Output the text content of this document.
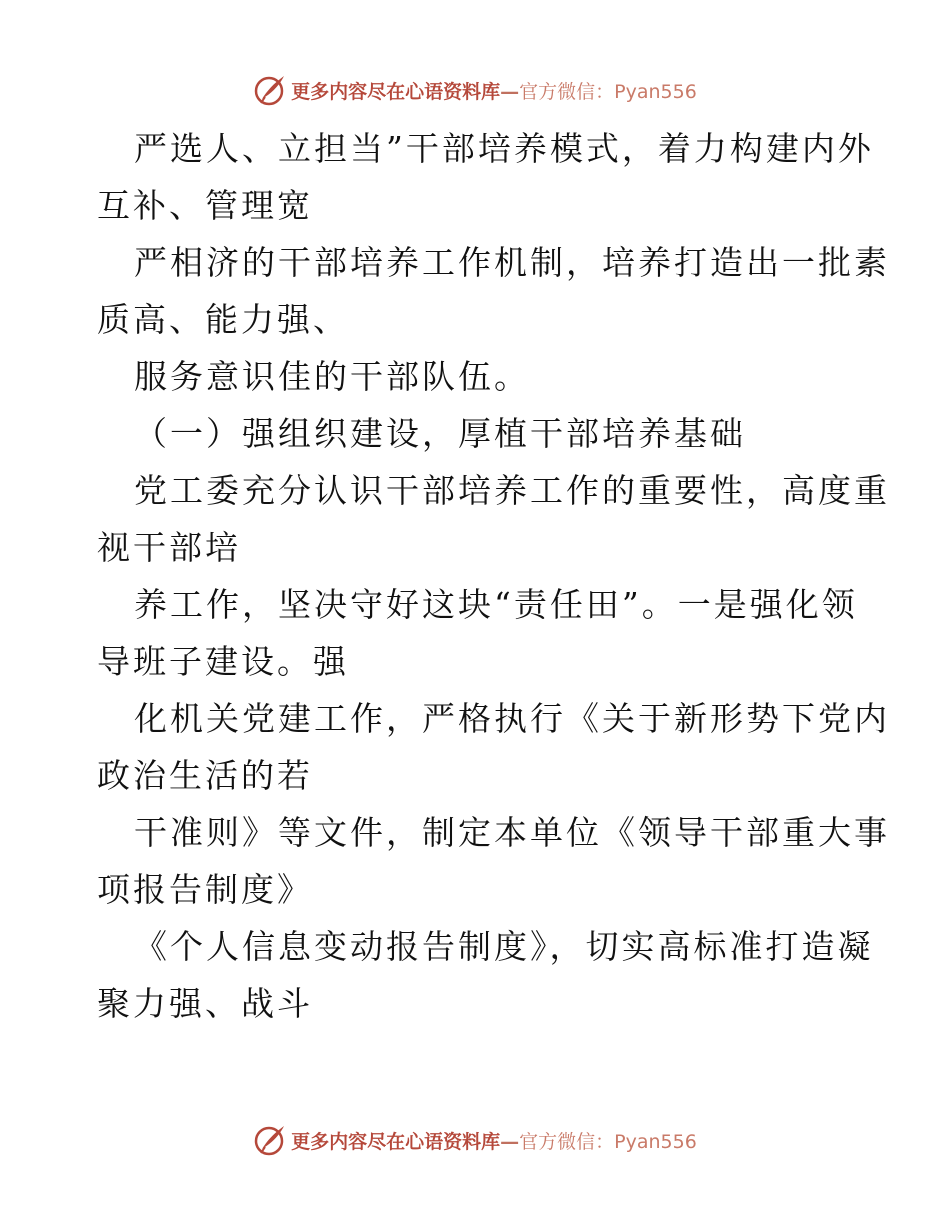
更多内容尽在心语资料库—官方微信：Pyan556
严选人、立担当”干部培养模式，着力构建内外
互补、管理宽
严相济的干部培养工作机制，培养打造出一批素
质高、能力强、
服务意识佳的干部队伍。
（一）强组织建设，厚植干部培养基础
党工委充分认识干部培养工作的重要性，高度重
视干部培
养工作，坚决守好这块“责任田”。一是强化领
导班子建设。强
化机关党建工作，严格执行《关于新形势下党内
政治生活的若
干准则》等文件，制定本单位《领导干部重大事
项报告制度》
《个人信息变动报告制度》，切实高标准打造凝
聚力强、战斗
更多内容尽在心语资料库—官方微信：Pyan556
